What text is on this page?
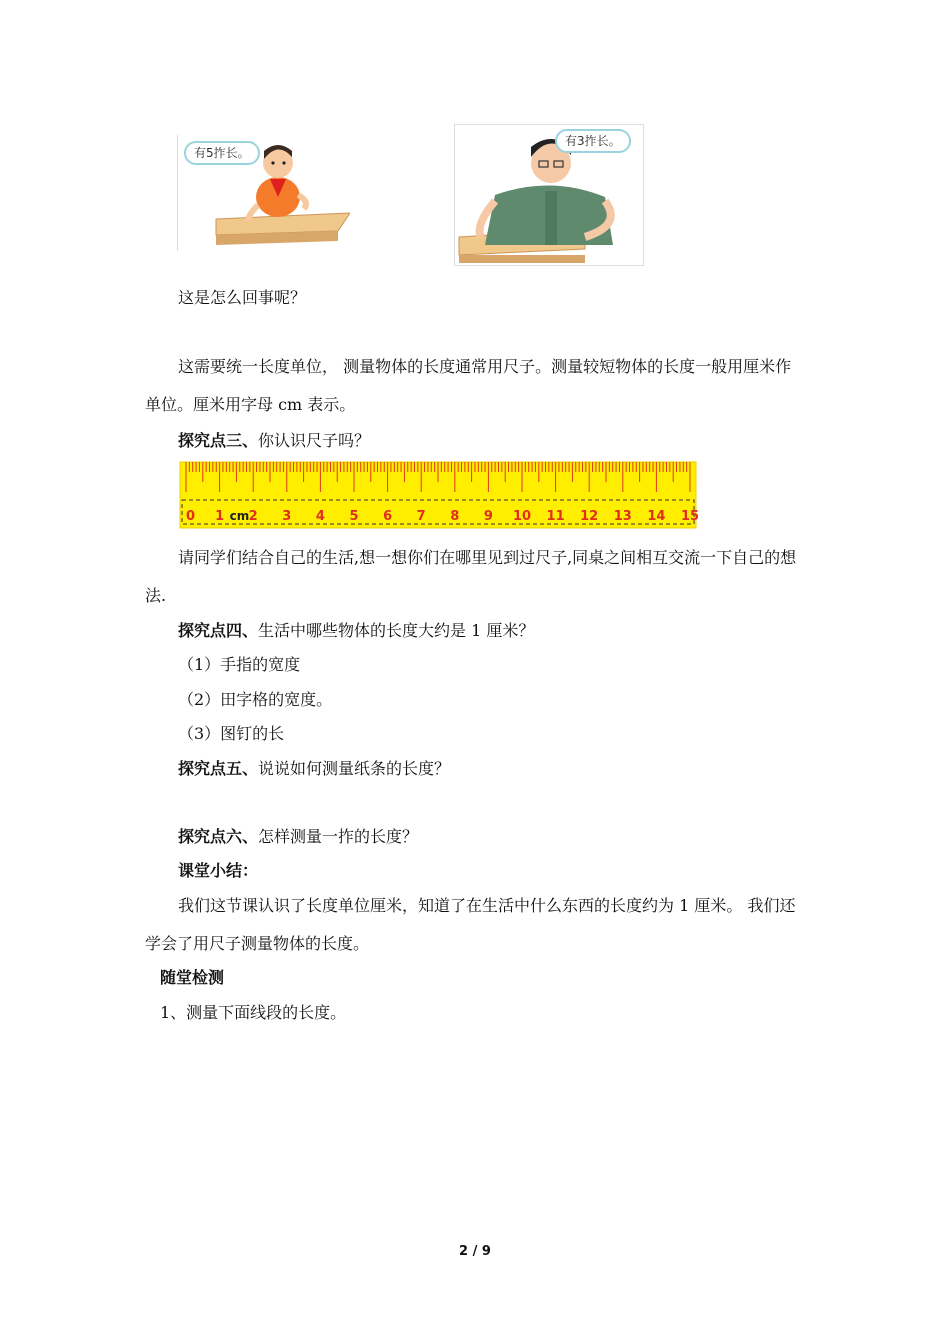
有5拃长。
有3拃长。
这是怎么回事呢？
这需要统一长度单位， 测量物体的长度通常用尺子。测量较短物体的长度一般用厘米作单位。厘米用字母 cm 表示。
探究点三、你认识尺子吗？
0 1 2 3 4 5 6 7 8 9 10 11 12 13 14 15
cm
请同学们结合自己的生活,想一想你们在哪里见到过尺子,同桌之间相互交流一下自己的想法.
探究点四、生活中哪些物体的长度大约是 1 厘米？
（1）手指的宽度
（2）田字格的宽度。
（3）图钉的长
探究点五、说说如何测量纸条的长度？
探究点六、怎样测量一拃的长度？
课堂小结：
我们这节课认识了长度单位厘米，知道了在生活中什么东西的长度约为 1 厘米。 我们还学会了用尺子测量物体的长度。
随堂检测
1、测量下面线段的长度。
2 / 9
